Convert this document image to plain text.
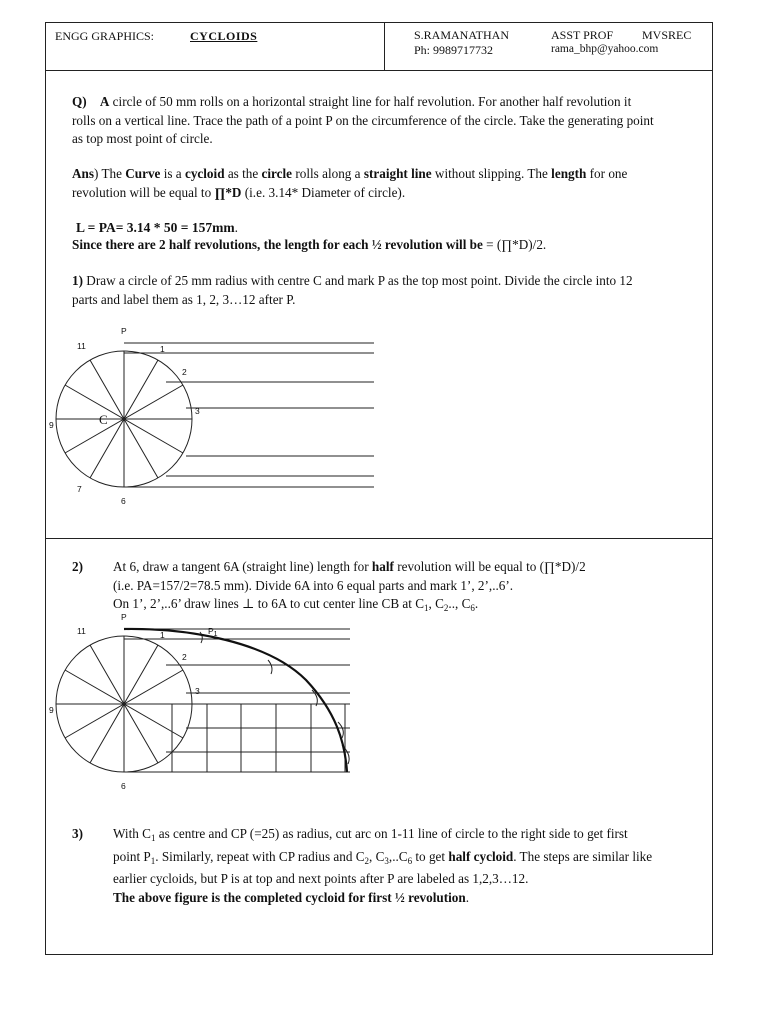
ENGG GRAPHICS:	CYCLOIDS	S.RAMANATHAN	ASST PROF MVSREC
Ph: 9989717732	rama_bhp@yahoo.com
Q) A circle of 50 mm rolls on a horizontal straight line for half revolution. For another half revolution it rolls on a vertical line. Trace the path of a point P on the circumference of the circle. Take the generating point as top most point of circle.
Ans) The Curve is a cycloid as the circle rolls along a straight line without slipping. The length for one revolution will be equal to ∏*D (i.e. 3.14* Diameter of circle).
L = PA= 3.14 * 50 = 157mm.
Since there are 2 half revolutions, the length for each ½ revolution will be = (∏*D)/2.
1) Draw a circle of 25 mm radius with centre C and mark P as the top most point. Divide the circle into 12 parts and label them as 1, 2, 3…12 after P.
P
11	1
2
3
9	C
7
6
2) At 6, draw a tangent 6A (straight line) length for half revolution will be equal to (∏*D)/2
(i.e. PA=157/2=78.5 mm). Divide 6A into 6 equal parts and mark 1’, 2’,..6’.
On 1’, 2’,..6’ draw lines ⊥ to 6A to cut center line CB at $C_1$, $C_2$.., $C_6$.
P
11	1	$P_1$
2
3
9
6
3) With $C_1$ as centre and CP (=25) as radius, cut arc on 1-11 line of circle to the right side to get first point $P_1$. Similarly, repeat with CP radius and $C_2$, $C_3,..C_6$ to get half cycloid. The steps are similar like earlier cycloids, but P is at top and next points after P are labeled as 1,2,3…12.
The above figure is the completed cycloid for first ½ revolution.
